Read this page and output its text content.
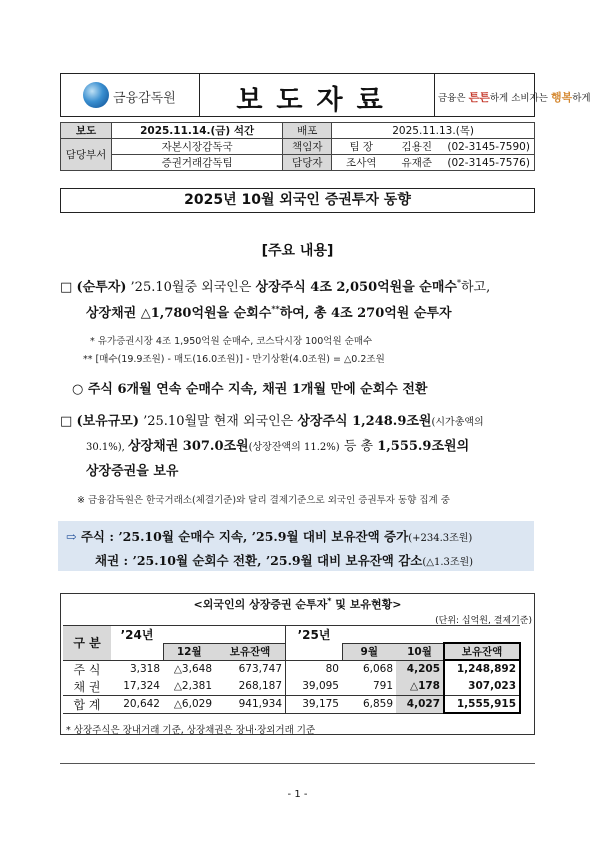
금융감독원	보도자료	금융은 튼튼하게 소비자는 행복하게
보도	2025.11.14.(금) 석간	배포	2025.11.13.(목)		
담당부서	자본시장감독국	책임자	팀 장	김용진	(02-3145-7590)
	증권거래감독팀	담당자	조사역	유재준	(02-3145-7576)
2025년 10월 외국인 증권투자 동향
[주요 내용]
□ (순투자) ’25.10월중 외국인은 상장주식 4조 2,050억원을 순매수*하고,
상장채권 △1,780억원을 순회수**하여, 총 4조 270억원 순투자
* 유가증권시장 4조 1,950억원 순매수, 코스닥시장 100억원 순매수
** [매수(19.9조원) - 매도(16.0조원)] - 만기상환(4.0조원) = △0.2조원
○ 주식 6개월 연속 순매수 지속, 채권 1개월 만에 순회수 전환
□ (보유규모) ’25.10월말 현재 외국인은 상장주식 1,248.9조원(시가총액의
30.1%), 상장채권 307.0조원(상장잔액의 11.2%) 등 총 1,555.9조원의
상장증권을 보유
※ 금융감독원은 한국거래소(체결기준)와 달리 결제기준으로 외국인 증권투자 동향 집계 중
⇨ 주식 : ’25.10월 순매수 지속, ’25.9월 대비 보유잔액 증가(+234.3조원)
채권 : ’25.10월 순회수 전환, ’25.9월 대비 보유잔액 감소(△1.3조원)
<외국인의 상장증권 순투자* 및 보유현황>
(단위: 십억원, 결제기준)
구 분	’24년			’25년			
		12월	보유잔액		9월	10월	보유잔액
주 식	3,318	△3,648	673,747	80	6,068	4,205	1,248,892
채 권	17,324	△2,381	268,187	39,095	791	△178	307,023
합 계	20,642	△6,029	941,934	39,175	6,859	4,027	1,555,915
* 상장주식은 장내거래 기준, 상장채권은 장내·장외거래 기준
- 1 -
